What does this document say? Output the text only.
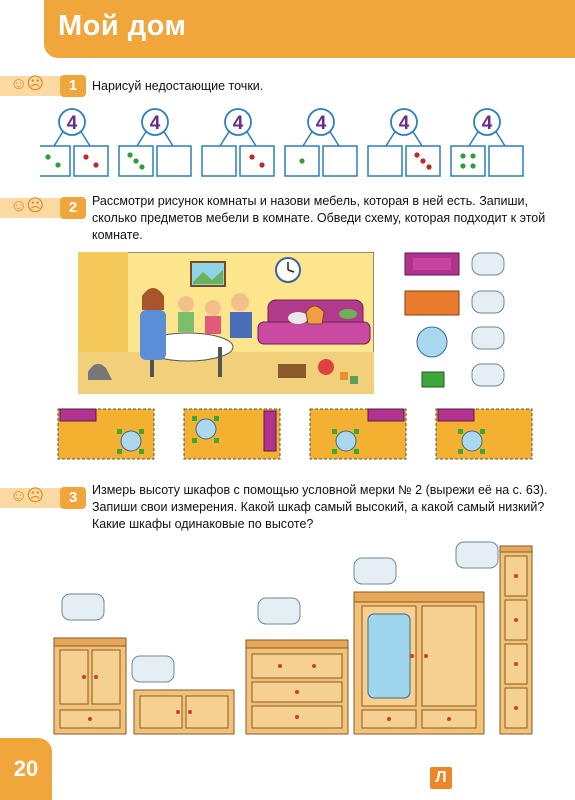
Мой дом
☺☹	1	Нарисуй недостающие точки.
4	4	4	4	4	4
☺☹	2	Рассмотри рисунок комнаты и назови мебель, которая в ней есть. Запиши, сколько предметов мебели в комнате. Обведи схему, которая подходит к этой комнате.
☺☹	3	Измерь высоту шкафов с помощью условной мерки № 2 (вырежи её на с. 63). Запиши свои измерения. Какой шкаф самый высокий, а какой самый низкий? Какие шкафы одинаковые по высоте?
20	Л
